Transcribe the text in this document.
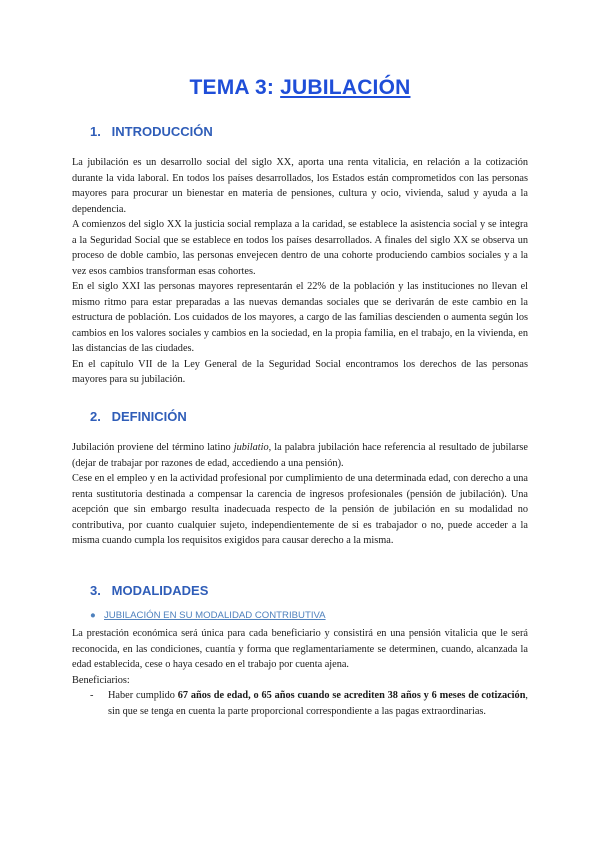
TEMA 3: JUBILACIÓN
1. INTRODUCCIÓN

La jubilación es un desarrollo social del siglo XX, aporta una renta vitalicia, en relación a la cotización durante la vida laboral. En todos los países desarrollados, los Estados están comprometidos con las personas mayores para procurar un bienestar en materia de pensiones, cultura y ocio, vivienda, salud y ayuda a la dependencia.

A comienzos del siglo XX la justicia social remplaza a la caridad, se establece la asistencia social y se integra a la Seguridad Social que se establece en todos los países desarrollados. A finales del siglo XX se observa un proceso de doble cambio, las personas envejecen dentro de una cohorte produciendo cambios sociales y a la vez esos cambios transforman esas cohortes.

En el siglo XXI las personas mayores representarán el 22% de la población y las instituciones no llevan el mismo ritmo para estar preparadas a las nuevas demandas sociales que se derivarán de este cambio en la estructura de población. Los cuidados de los mayores, a cargo de las familias descienden o aumenta según los cambios en los valores sociales y cambios en la sociedad, en la propia familia, en el trabajo, en la vivienda, en las distancias de las ciudades.

En el capítulo VII de la Ley General de la Seguridad Social encontramos los derechos de las personas mayores para su jubilación.

2. DEFINICIÓN

Jubilación proviene del término latino jubilatio, la palabra jubilación hace referencia al resultado de jubilarse (dejar de trabajar por razones de edad, accediendo a una pensión).

Cese en el empleo y en la actividad profesional por cumplimiento de una determinada edad, con derecho a una renta sustitutoria destinada a compensar la carencia de ingresos profesionales (pensión de jubilación). Una acepción que sin embargo resulta inadecuada respecto de la pensión de jubilación en su modalidad no contributiva, por cuanto cualquier sujeto, independientemente de si es trabajador o no, puede acceder a la misma cuando cumpla los requisitos exigidos para causar derecho a la misma.

3. MODALIDADES
● JUBILACIÓN EN SU MODALIDAD CONTRIBUTIVA

La prestación económica será única para cada beneficiario y consistirá en una pensión vitalicia que le será reconocida, en las condiciones, cuantía y forma que reglamentariamente se determinen, cuando, alcanzada la edad establecida, cese o haya cesado en el trabajo por cuenta ajena.

Beneficiarios:

- Haber cumplido 67 años de edad, o 65 años cuando se acrediten 38 años y 6 meses de cotización, sin que se tenga en cuenta la parte proporcional correspondiente a las pagas extraordinarias.
